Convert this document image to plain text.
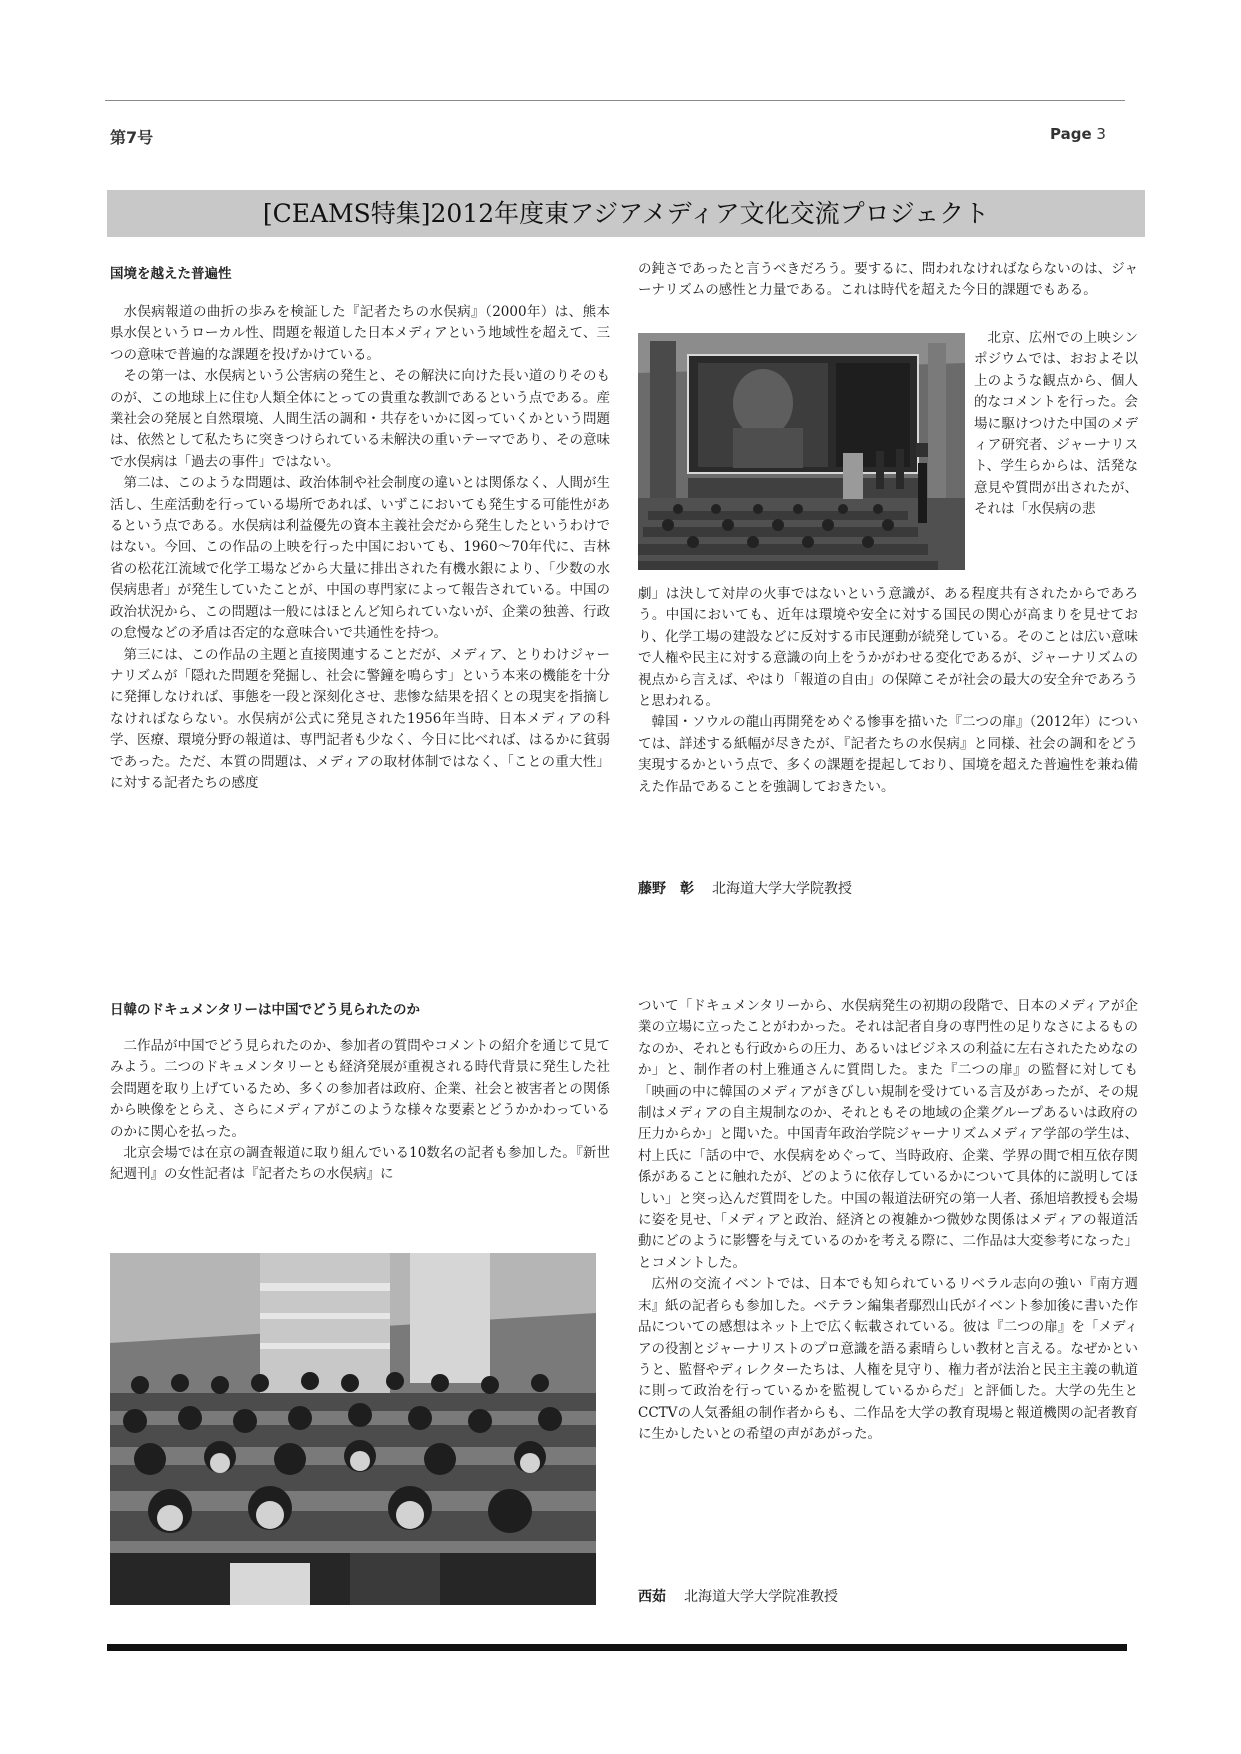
第7号	Page 3
[CEAMS特集]2012年度東アジアメディア文化交流プロジェクト
国境を越えた普遍性

水俣病報道の曲折の歩みを検証した『記者たちの水俣病』（2000年）は、熊本県水俣というローカル性、問題を報道した日本メディアという地域性を超えて、三つの意味で普遍的な課題を投げかけている。

その第一は、水俣病という公害病の発生と、その解決に向けた長い道のりそのものが、この地球上に住む人類全体にとっての貴重な教訓であるという点である。産業社会の発展と自然環境、人間生活の調和・共存をいかに図っていくかという問題は、依然として私たちに突きつけられている未解決の重いテーマであり、その意味で水俣病は「過去の事件」ではない。

第二は、このような問題は、政治体制や社会制度の違いとは関係なく、人間が生活し、生産活動を行っている場所であれば、いずこにおいても発生する可能性があるという点である。水俣病は利益優先の資本主義社会だから発生したというわけではない。今回、この作品の上映を行った中国においても、1960〜70年代に、吉林省の松花江流域で化学工場などから大量に排出された有機水銀により、「少数の水俣病患者」が発生していたことが、中国の専門家によって報告されている。中国の政治状況から、この問題は一般にはほとんど知られていないが、企業の独善、行政の怠慢などの矛盾は否定的な意味合いで共通性を持つ。

第三には、この作品の主題と直接関連することだが、メディア、とりわけジャーナリズムが「隠れた問題を発掘し、社会に警鐘を鳴らす」という本来の機能を十分に発揮しなければ、事態を一段と深刻化させ、悲惨な結果を招くとの現実を指摘しなければならない。水俣病が公式に発見された1956年当時、日本メディアの科学、医療、環境分野の報道は、専門記者も少なく、今日に比べれば、はるかに貧弱であった。ただ、本質の問題は、メディアの取材体制ではなく、「ことの重大性」に対する記者たちの感度

の鈍さであったと言うべきだろう。要するに、問われなければならないのは、ジャーナリズムの感性と力量である。これは時代を超えた今日的課題でもある。

北京、広州での上映シンポジウムでは、おおよそ以上のような観点から、個人的なコメントを行った。会場に駆けつけた中国のメディア研究者、ジャーナリスト、学生らからは、活発な意見や質問が出されたが、それは「水俣病の悲

劇」は決して対岸の火事ではないという意識が、ある程度共有されたからであろう。中国においても、近年は環境や安全に対する国民の関心が高まりを見せており、化学工場の建設などに反対する市民運動が続発している。そのことは広い意味で人権や民主に対する意識の向上をうかがわせる変化であるが、ジャーナリズムの視点から言えば、やはり「報道の自由」の保障こそが社会の最大の安全弁であろうと思われる。

韓国・ソウルの龍山再開発をめぐる惨事を描いた『二つの扉』（2012年）については、詳述する紙幅が尽きたが、『記者たちの水俣病』と同様、社会の調和をどう実現するかという点で、多くの課題を提起しており、国境を超えた普遍性を兼ね備えた作品であることを強調しておきたい。

藤野　彰 北海道大学大学院教授
日韓のドキュメンタリーは中国でどう見られたのか

二作品が中国でどう見られたのか、参加者の質問やコメントの紹介を通じて見てみよう。二つのドキュメンタリーとも経済発展が重視される時代背景に発生した社会問題を取り上げているため、多くの参加者は政府、企業、社会と被害者との関係から映像をとらえ、さらにメディアがこのような様々な要素とどうかかわっているのかに関心を払った。

北京会場では在京の調査報道に取り組んでいる10数名の記者も参加した。『新世紀週刊』の女性記者は『記者たちの水俣病』に

ついて「ドキュメンタリーから、水俣病発生の初期の段階で、日本のメディアが企業の立場に立ったことがわかった。それは記者自身の専門性の足りなさによるものなのか、それとも行政からの圧力、あるいはビジネスの利益に左右されたためなのか」と、制作者の村上雅通さんに質問した。また『二つの扉』の監督に対しても「映画の中に韓国のメディアがきびしい規制を受けている言及があったが、その規制はメディアの自主規制なのか、それともその地域の企業グループあるいは政府の圧力からか」と聞いた。中国青年政治学院ジャーナリズムメディア学部の学生は、村上氏に「話の中で、水俣病をめぐって、当時政府、企業、学界の間で相互依存関係があることに触れたが、どのように依存しているかについて具体的に説明してほしい」と突っ込んだ質問をした。中国の報道法研究の第一人者、孫旭培教授も会場に姿を見せ、「メディアと政治、経済との複雑かつ微妙な関係はメディアの報道活動にどのように影響を与えているのかを考える際に、二作品は大変参考になった」とコメントした。

広州の交流イベントでは、日本でも知られているリベラル志向の強い『南方週末』紙の記者らも参加した。ベテラン編集者鄢烈山氏がイベント参加後に書いた作品についての感想はネット上で広く転載されている。彼は『二つの扉』を「メディアの役割とジャーナリストのプロ意識を語る素晴らしい教材と言える。なぜかというと、監督やディレクターたちは、人権を見守り、権力者が法治と民主主義の軌道に則って政治を行っているかを監視しているからだ」と評価した。大学の先生とCCTVの人気番組の制作者からも、二作品を大学の教育現場と報道機関の記者教育に生かしたいとの希望の声があがった。

西茹 北海道大学大学院准教授
